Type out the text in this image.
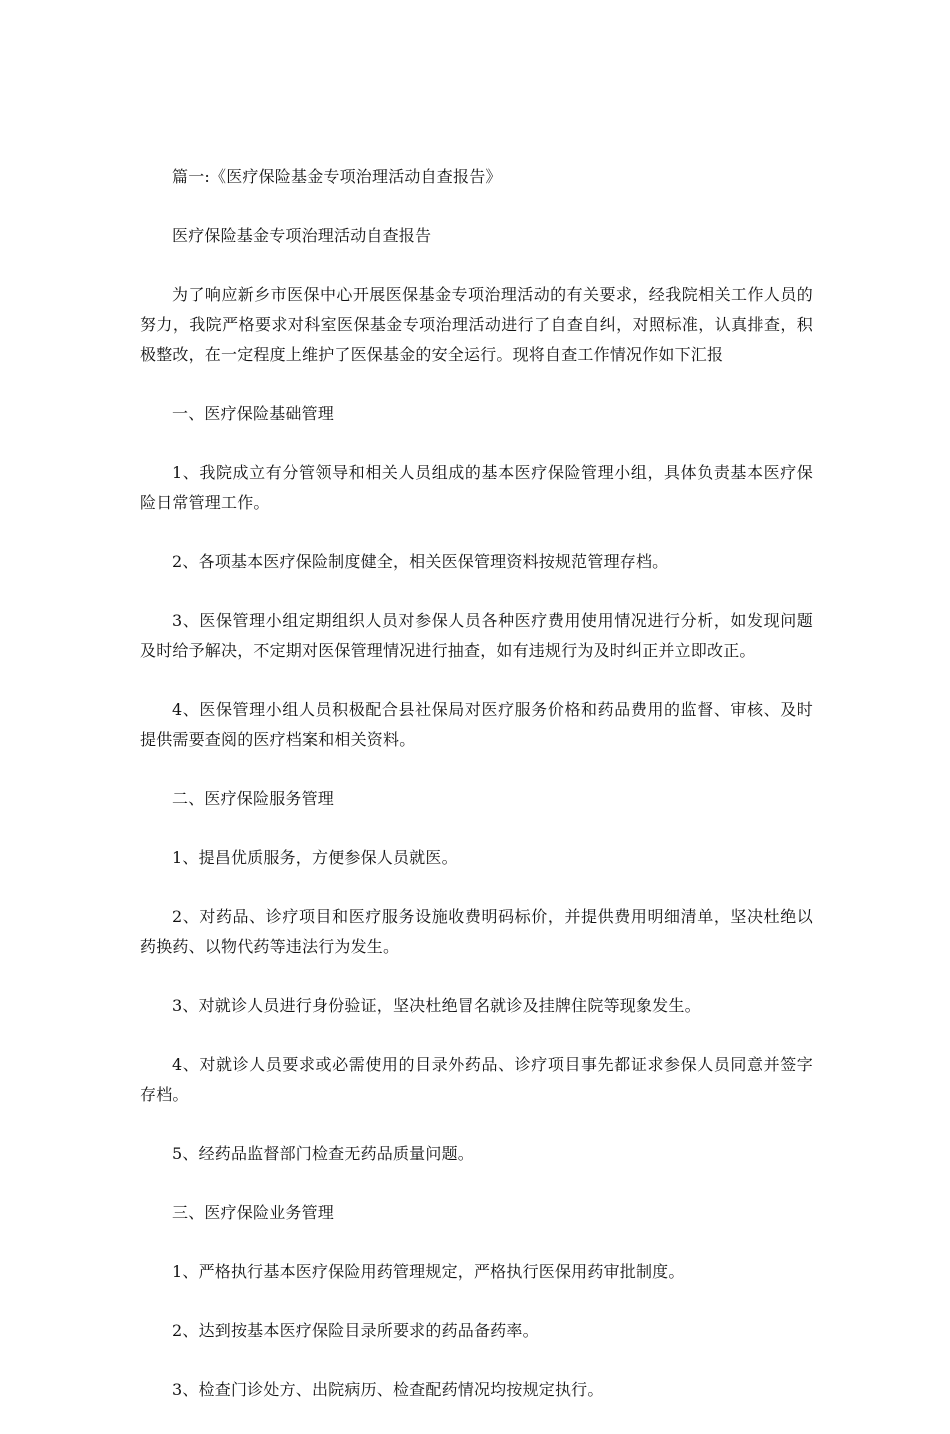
篇一:《医疗保险基金专项治理活动自查报告》

医疗保险基金专项治理活动自查报告

为了响应新乡市医保中心开展医保基金专项治理活动的有关要求，经我院相关工作人员的努力，我院严格要求对科室医保基金专项治理活动进行了自查自纠，对照标准，认真排查，积极整改，在一定程度上维护了医保基金的安全运行。现将自查工作情况作如下汇报

一、医疗保险基础管理

1、我院成立有分管领导和相关人员组成的基本医疗保险管理小组，具体负责基本医疗保险日常管理工作。

2、各项基本医疗保险制度健全，相关医保管理资料按规范管理存档。

3、医保管理小组定期组织人员对参保人员各种医疗费用使用情况进行分析，如发现问题及时给予解决，不定期对医保管理情况进行抽查，如有违规行为及时纠正并立即改正。

4、医保管理小组人员积极配合县社保局对医疗服务价格和药品费用的监督、审核、及时提供需要查阅的医疗档案和相关资料。

二、医疗保险服务管理

1、提昌优质服务，方便参保人员就医。

2、对药品、诊疗项目和医疗服务设施收费明码标价，并提供费用明细清单，坚决杜绝以药换药、以物代药等违法行为发生。

3、对就诊人员进行身份验证，坚决杜绝冒名就诊及挂牌住院等现象发生。

4、对就诊人员要求或必需使用的目录外药品、诊疗项目事先都证求参保人员同意并签字存档。

5、经药品监督部门检查无药品质量问题。

三、医疗保险业务管理

1、严格执行基本医疗保险用药管理规定，严格执行医保用药审批制度。

2、达到按基本医疗保险目录所要求的药品备药率。

3、检查门诊处方、出院病历、检查配药情况均按规定执行。
